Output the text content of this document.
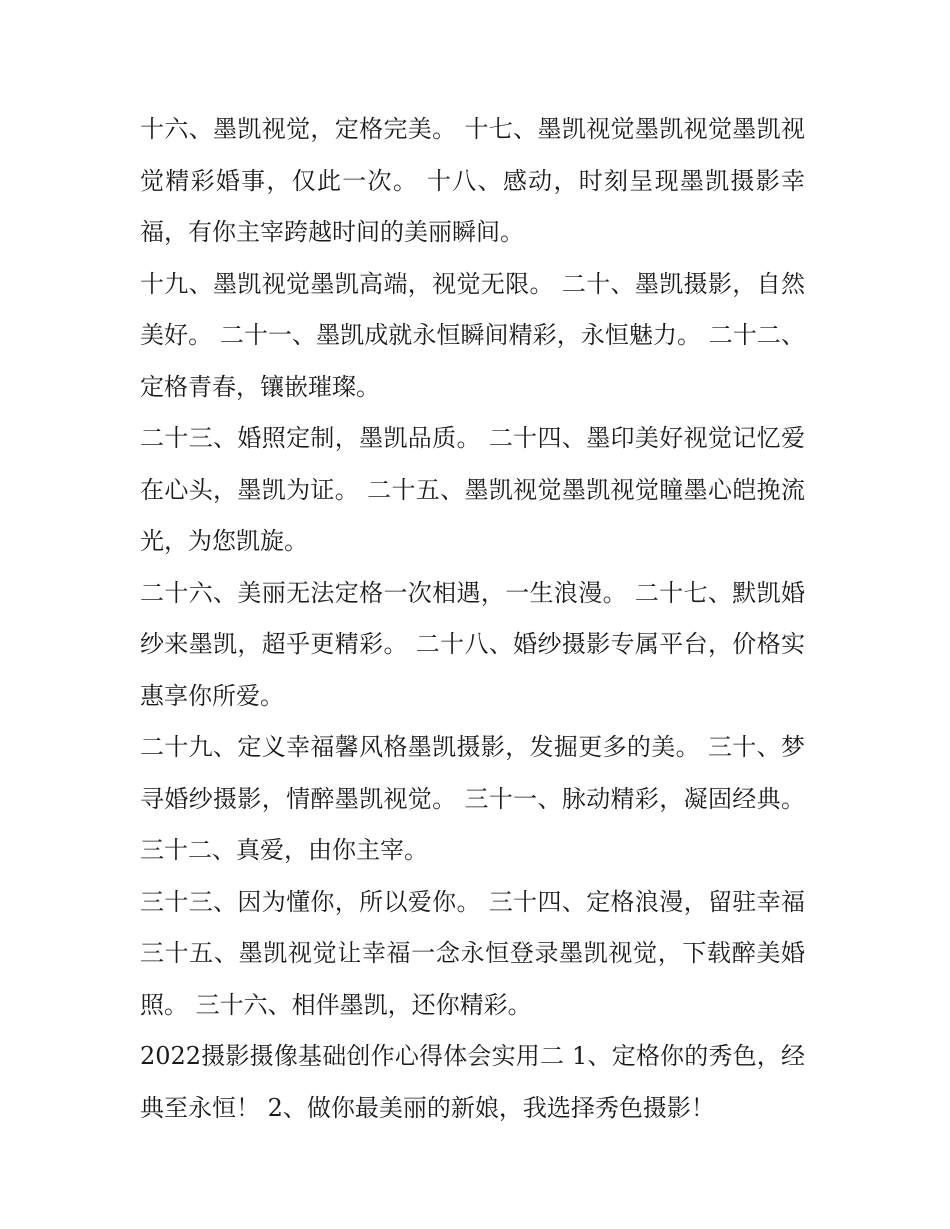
十六、墨凯视觉，定格完美。 十七、墨凯视觉墨凯视觉墨凯视觉精彩婚事，仅此一次。 十八、感动，时刻呈现墨凯摄影幸福，有你主宰跨越时间的美丽瞬间。

十九、墨凯视觉墨凯高端，视觉无限。 二十、墨凯摄影，自然美好。 二十一、墨凯成就永恒瞬间精彩，永恒魅力。 二十二、定格青春，镶嵌璀璨。

二十三、婚照定制，墨凯品质。 二十四、墨印美好视觉记忆爱在心头，墨凯为证。 二十五、墨凯视觉墨凯视觉瞳墨心皑挽流光，为您凯旋。

二十六、美丽无法定格一次相遇，一生浪漫。 二十七、默凯婚纱来墨凯，超乎更精彩。 二十八、婚纱摄影专属平台，价格实惠享你所爱。

二十九、定义幸福馨风格墨凯摄影，发掘更多的美。 三十、梦寻婚纱摄影，情醉墨凯视觉。 三十一、脉动精彩，凝固经典。 三十二、真爱，由你主宰。

三十三、因为懂你，所以爱你。 三十四、定格浪漫，留驻幸福 三十五、墨凯视觉让幸福一念永恒登录墨凯视觉，下载醉美婚照。 三十六、相伴墨凯，还你精彩。

2022摄影摄像基础创作心得体会实用二 1、定格你的秀色，经典至永恒！ 2、做你最美丽的新娘，我选择秀色摄影！
